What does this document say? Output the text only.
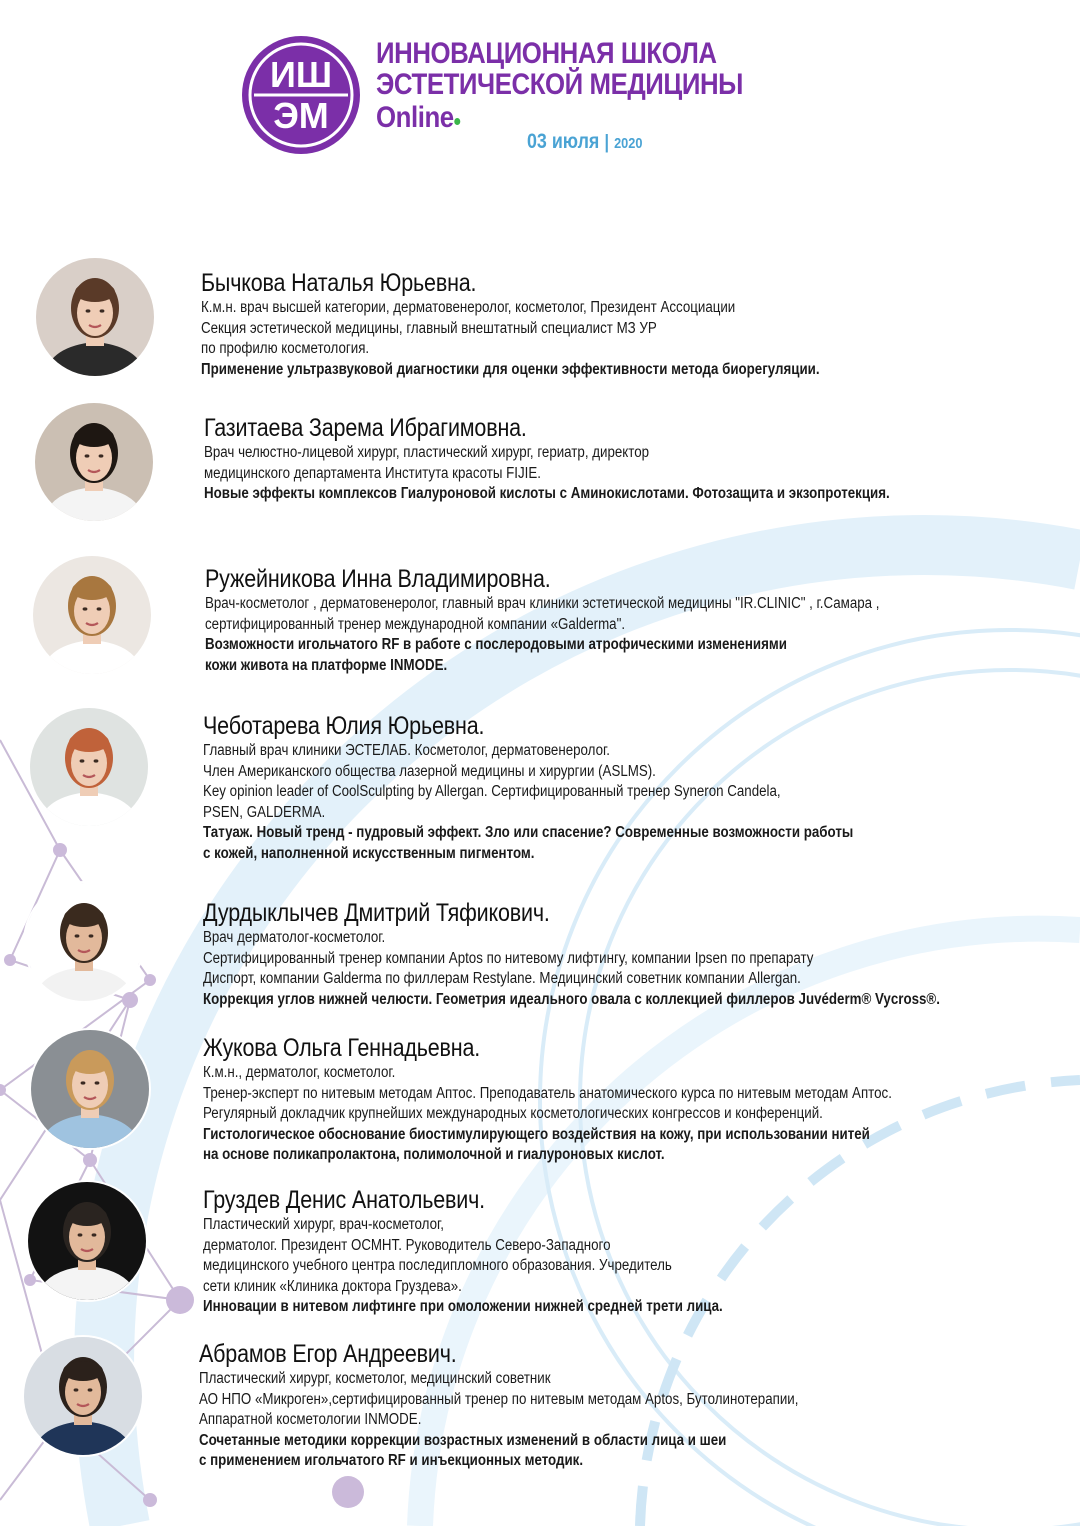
ИШ
ЭМ
ИННОВАЦИОННАЯ ШКОЛА
ЭСТЕТИЧЕСКОЙ МЕДИЦИНЫ
Online
03 июля | 2020
Бычкова Наталья Юрьевна.
К.м.н. врач высшей категории, дерматовенеролог, косметолог, Президент Ассоциации
Секция эстетической медицины, главный внештатный специалист МЗ УР
по профилю косметология.
Применение ультразвуковой диагностики для оценки эффективности метода биорегуляции.
Газитаева Зарема Ибрагимовна.
Врач челюстно-лицевой хирург, пластический хирург, гериатр, директор
медицинского департамента Института красоты FIJIE.
Новые эффекты комплексов Гиалуроновой кислоты с Аминокислотами. Фотозащита и экзопротекция.
Ружейникова Инна Владимировна.
Врач-косметолог , дерматовенеролог, главный врач клиники эстетической медицины "IR.CLINIC" , г.Самара ,
сертифицированный тренер международной компании «Galderma".
Возможности игольчатого RF в работе с послеродовыми атрофическими изменениями
кожи живота на платформе INMODE.
Чеботарева Юлия Юрьевна.
Главный врач клиники ЭСТЕЛАБ. Косметолог, дерматовенеролог.
Член Американского общества лазерной медицины и хирургии (ASLMS).
Key opinion leader of CoolSculpting by Allergan. Сертифицированный тренер Syneron Candela,
PSEN, GALDERMA.
Татуаж. Новый тренд - пудровый эффект. Зло или спасение? Современные возможности работы
с кожей, наполненной искусственным пигментом.
Дурдыклычев Дмитрий Тяфикович.
Врач дерматолог-косметолог.
Сертифицированный тренер компании Aptos по нитевому лифтингу, компании Ipsen по препарату
Диспорт, компании Galderma по филлерам Restylane. Медицинский советник компании Allergan.
Коррекция углов нижней челюсти. Геометрия идеального овала с коллекцией филлеров Juvéderm® Vycross®.
Жукова Ольга Геннадьевна.
К.м.н., дерматолог, косметолог.
Тренер-эксперт по нитевым методам Аптос. Преподаватель анатомического курса по нитевым методам Аптос.
Регулярный докладчик крупнейших международных косметологических конгрессов и конференций.
Гистологическое обоснование биостимулирующего воздействия на кожу, при использовании нитей
на основе поликапролактона, полимолочной и гиалуроновых кислот.
Груздев Денис Анатольевич.
Пластический хирург, врач-косметолог,
дерматолог. Президент ОСМНТ. Руководитель Северо-Западного
медицинского учебного центра последипломного образования. Учредитель
сети клиник «Клиника доктора Груздева».
Инновации в нитевом лифтинге при омоложении нижней средней трети лица.
Абрамов Егор Андреевич.
Пластический хирург, косметолог, медицинский советник
АО НПО «Микроген»,сертифицированный тренер по нитевым методам Aptos, Бутолинотерапии,
Аппаратной косметологии INMODE.
Сочетанные методики коррекции возрастных изменений в области лица и шеи
с применением игольчатого RF и инъекционных методик.
